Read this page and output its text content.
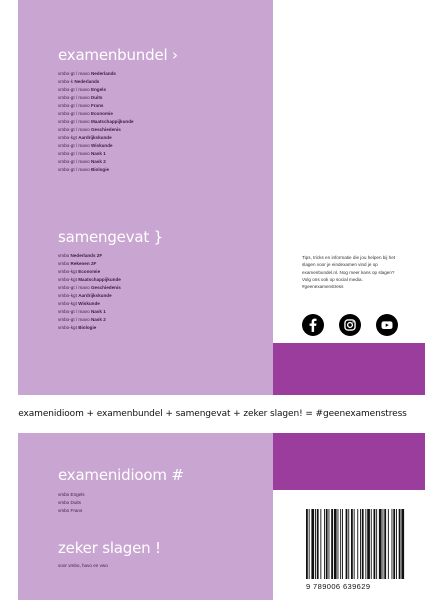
examenbundel ›
vmbo-gt / mavo Nederlands
vmbo-k Nederlands
vmbo-gt / mavo Engels
vmbo-gt / mavo Duits
vmbo-gt / mavo Frans
vmbo-gt / mavo Economie
vmbo-gt / mavo Maatschappijkunde
vmbo-gt / mavo Geschiedenis
vmbo-kgt Aardrijkskunde
vmbo-gt / mavo Wiskunde
vmbo-gt / mavo Nask 1
vmbo-gt / mavo Nask 2
vmbo-gt / mavo Biologie
samengevat }
vmbo Nederlands 2F
vmbo Rekenen 2F
vmbo-kgt Economie
vmbo-kgt Maatschappijkunde
vmbo-gt / mavo Geschiedenis
vmbo-kgt Aardrijkskunde
vmbo-kgt Wiskunde
vmbo-gt / mavo Nask 1
vmbo-gt / mavo Nask 2
vmbo-kgt Biologie
examenidioom + examenbundel + samengevat + zeker slagen! = #geenexamenstress
examenidioom #
vmbo Engels
vmbo Duits
vmbo Frans
zeker slagen !
voor vmbo, havo en vwo
Tips, tricks en informatie die jou helpen bij het slagen voor je eindexamen vind je op examenbundel.nl. Nog meer kans op slagen? Volg ons ook op social media. #geenexamenstress
9 789006 639629
